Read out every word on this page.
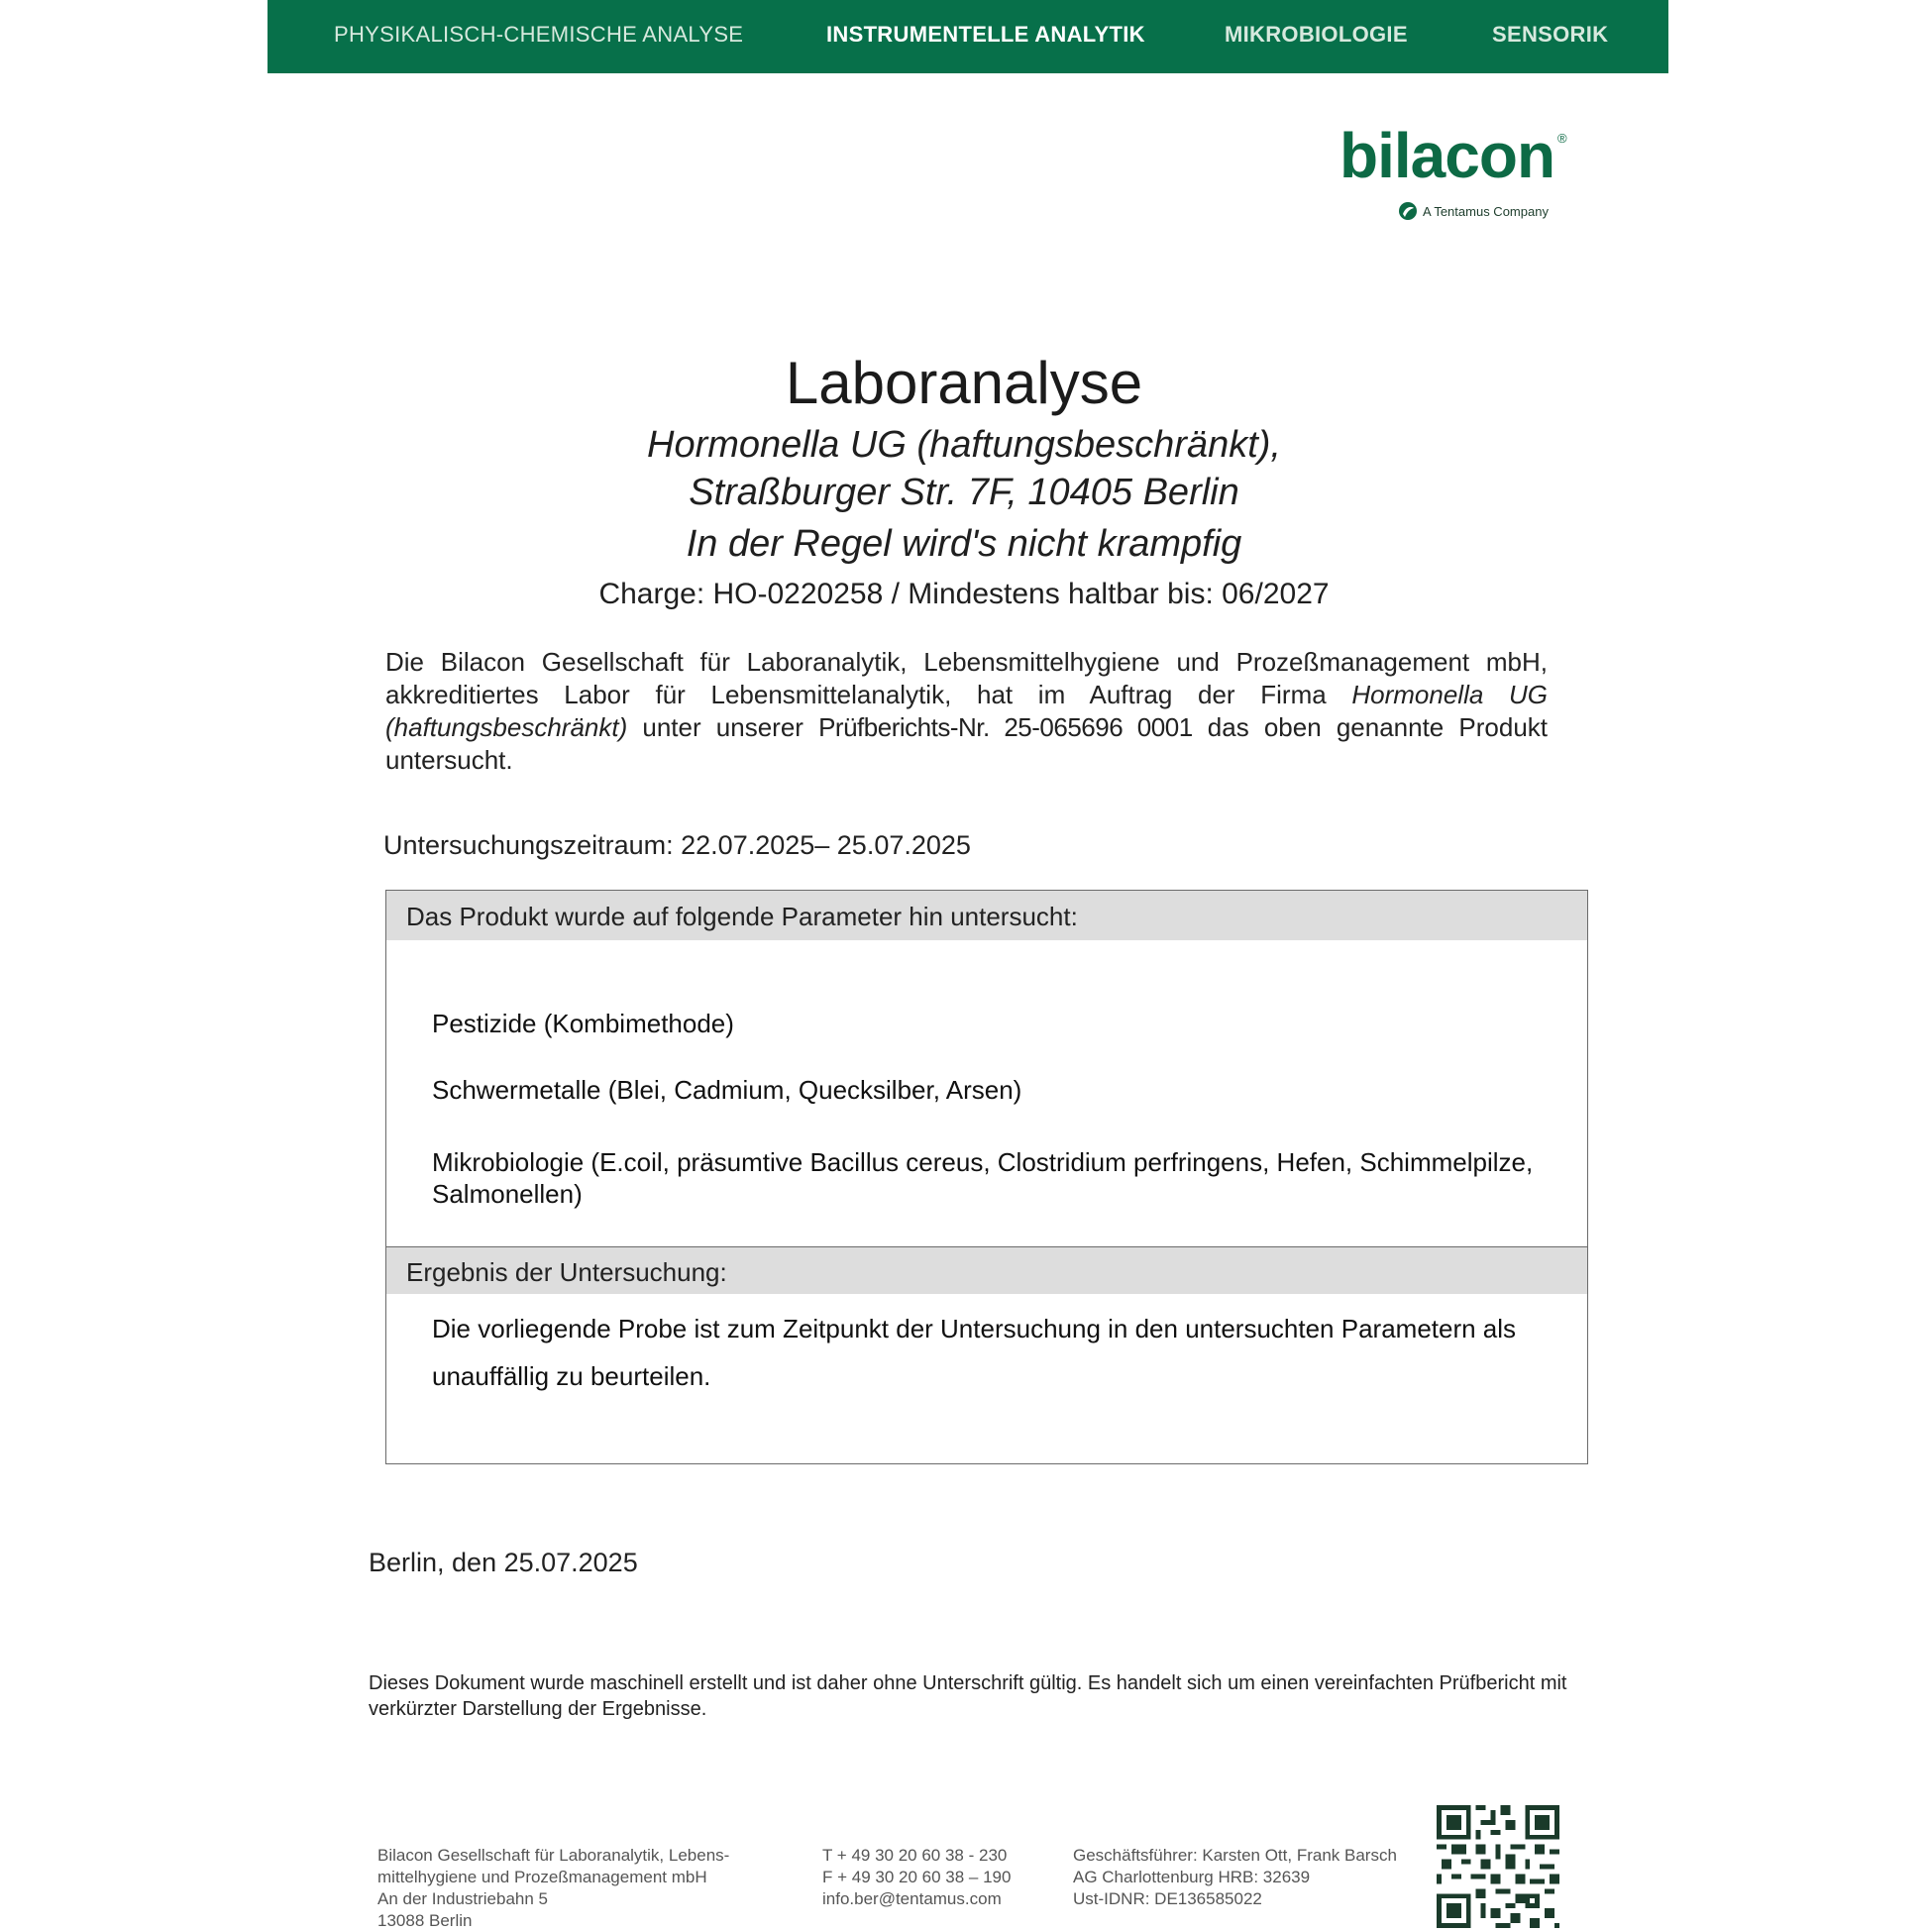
PHYSIKALISCH-CHEMISCHE ANALYSE	INSTRUMENTELLE ANALYTIK	MIKROBIOLOGIE	SENSORIK
bilacon ®
A Tentamus Company
Laboranalyse
Hormonella UG (haftungsbeschränkt),
Straßburger Str. 7F, 10405 Berlin
In der Regel wird's nicht krampfig
Charge: HO-0220258 / Mindestens haltbar bis: 06/2027
Die Bilacon Gesellschaft für Laboranalytik, Lebensmittelhygiene und Prozeßmanagement mbH, akkreditiertes Labor für Lebensmittelanalytik, hat im Auftrag der Firma Hormonella UG (haftungsbeschränkt) unter unserer Prüfberichts-Nr. 25-065696 0001 das oben genannte Produkt untersucht.
Untersuchungszeitraum: 22.07.2025– 25.07.2025
Das Produkt wurde auf folgende Parameter hin untersucht:
Pestizide (Kombimethode)
Schwermetalle (Blei, Cadmium, Quecksilber, Arsen)
Mikrobiologie (E.coil, präsumtive Bacillus cereus, Clostridium perfringens, Hefen, Schimmelpilze, Salmonellen)
Ergebnis der Untersuchung:
Die vorliegende Probe ist zum Zeitpunkt der Untersuchung in den untersuchten Parametern als unauffällig zu beurteilen.
Berlin, den 25.07.2025
Dieses Dokument wurde maschinell erstellt und ist daher ohne Unterschrift gültig. Es handelt sich um einen vereinfachten Prüfbericht mit verkürzter Darstellung der Ergebnisse.
Bilacon Gesellschaft für Laboranalytik, Lebens-
mittelhygiene und Prozeßmanagement mbH
An der Industriebahn 5
13088 Berlin
T + 49 30 20 60 38 - 230
F + 49 30 20 60 38 – 190
info.ber@tentamus.com
Geschäftsführer: Karsten Ott, Frank Barsch
AG Charlottenburg HRB: 32639
Ust-IDNR: DE136585022
